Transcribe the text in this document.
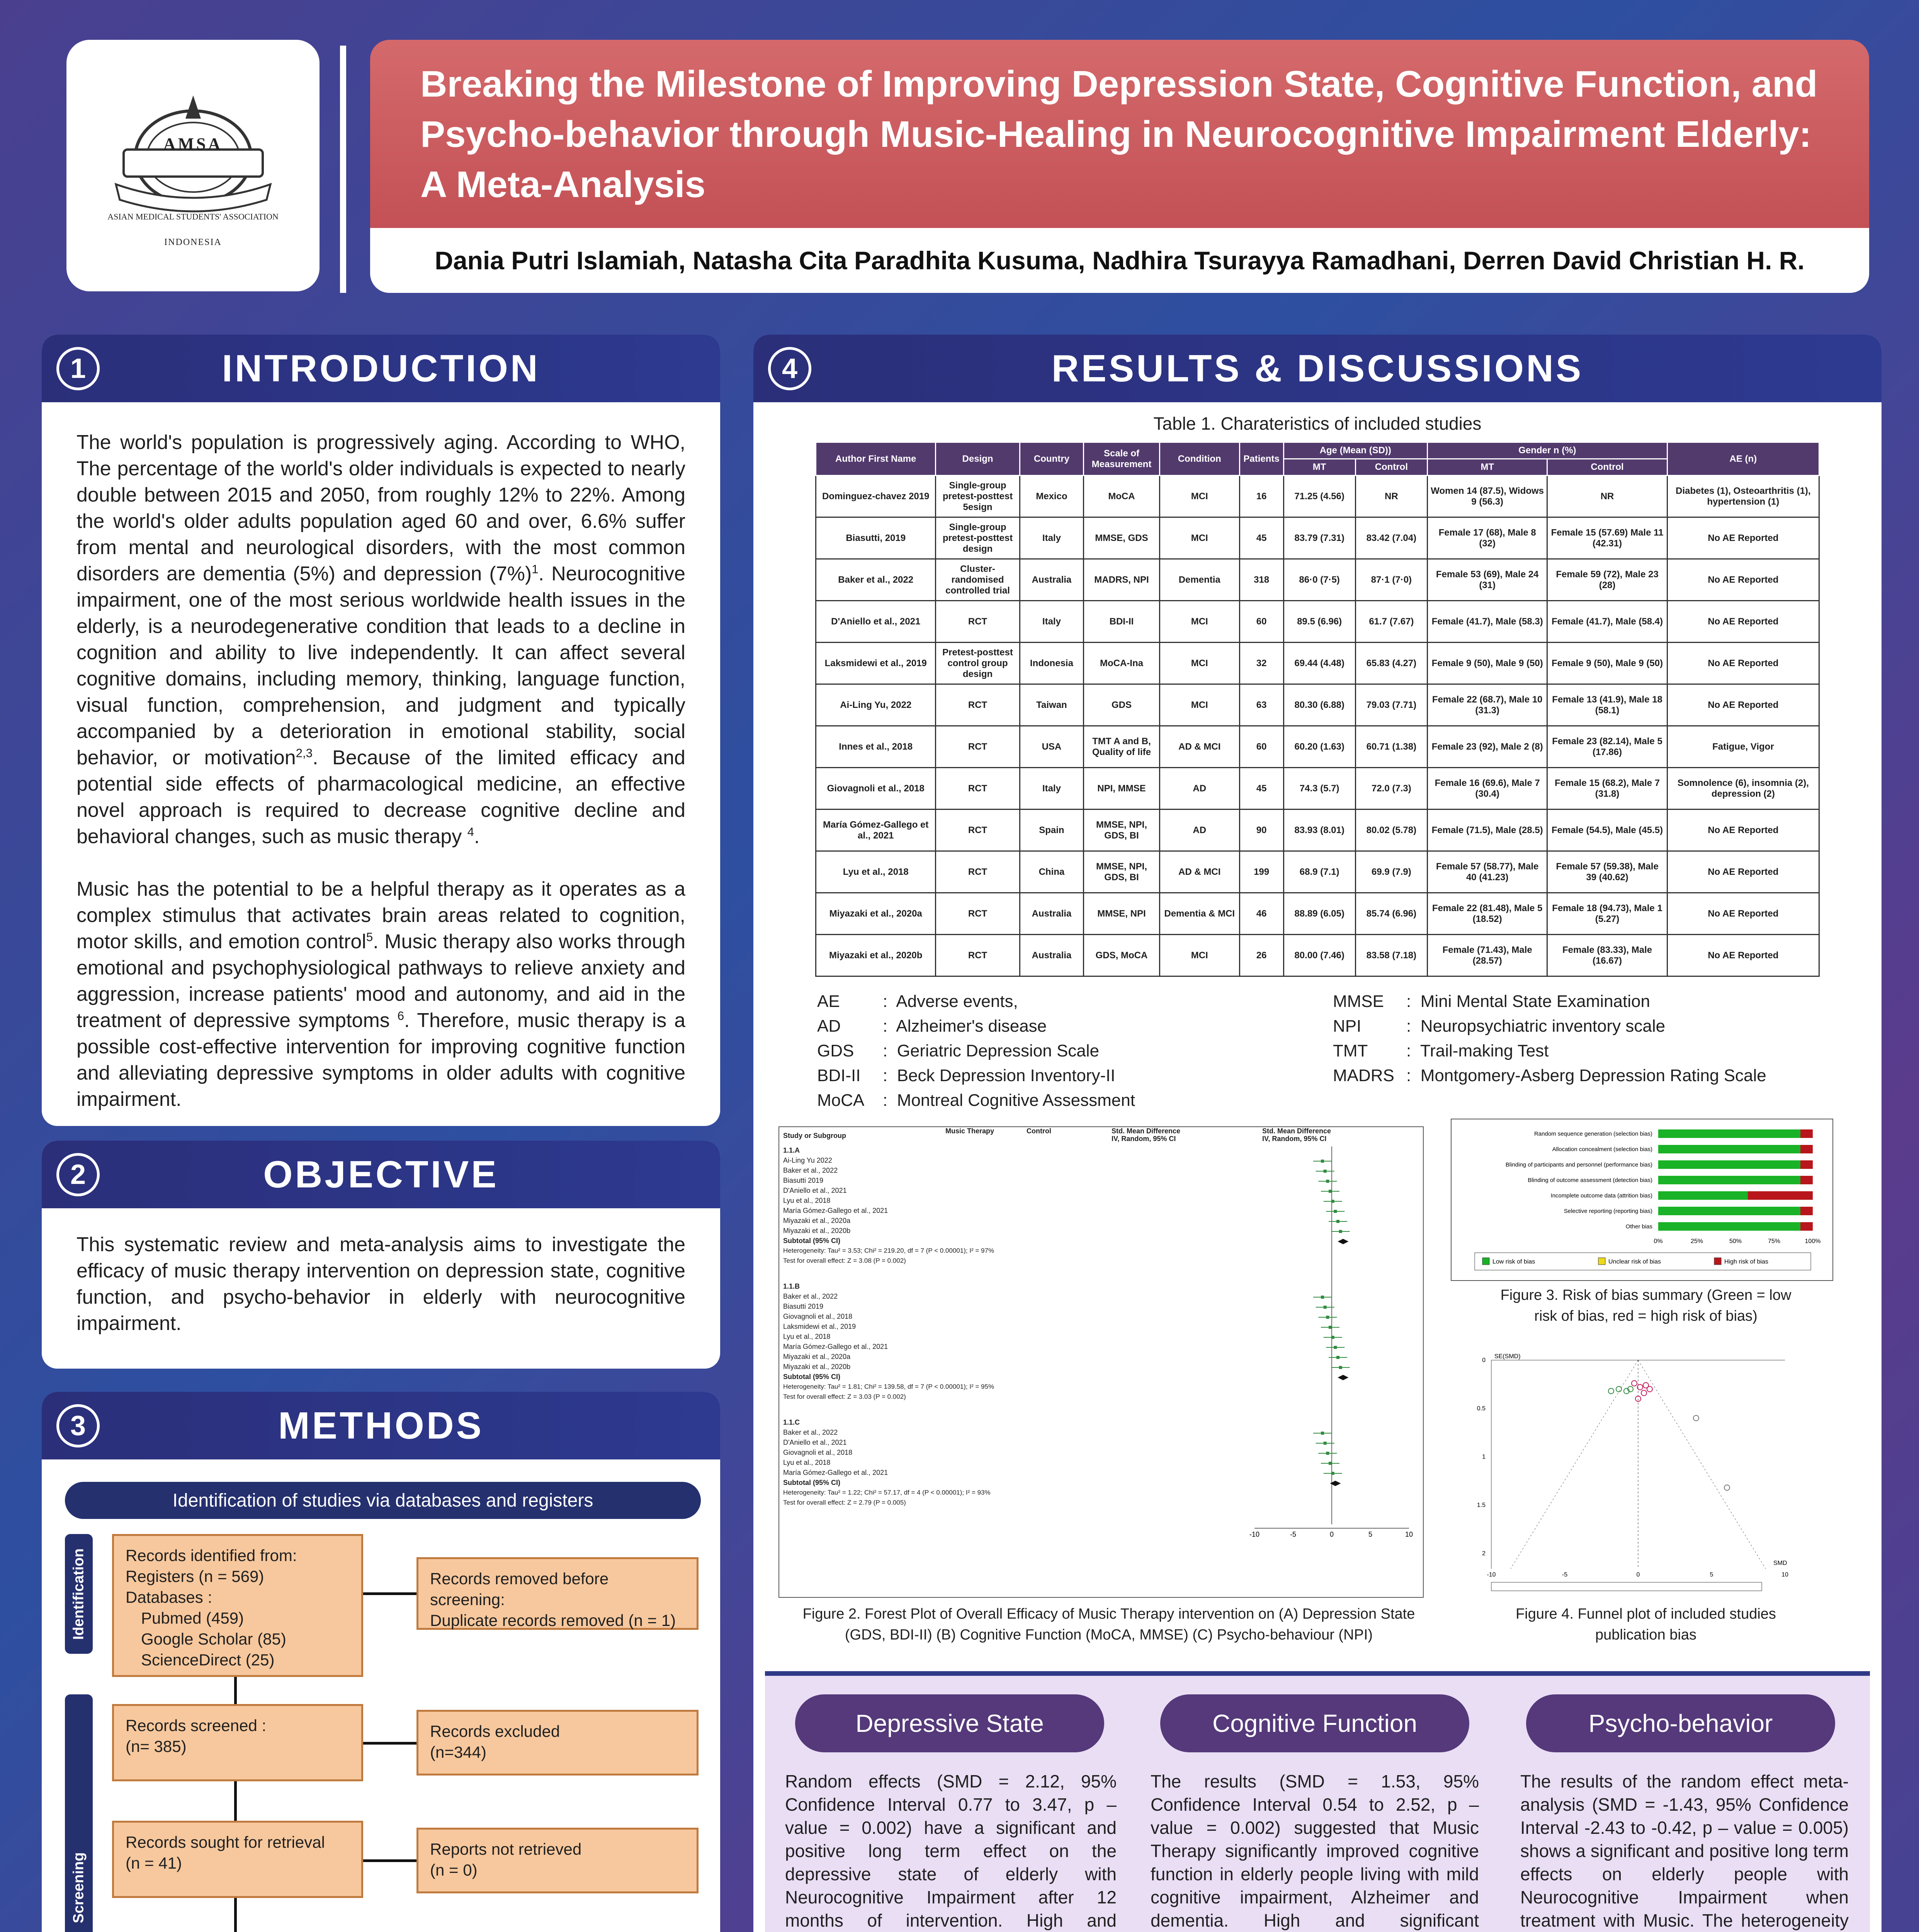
AMSA
ASIAN MEDICAL STUDENTS' ASSOCIATION
INDONESIA
Breaking the Milestone of Improving Depression State, Cognitive Function, and Psycho-behavior through Music-Healing in Neurocognitive Impairment Elderly: A Meta-Analysis
Dania Putri Islamiah, Natasha Cita Paradhita Kusuma, Nadhira Tsurayya Ramadhani, Derren David Christian H. R.
1	INTRODUCTION

The world's population is progressively aging. According to WHO, The percentage of the world's older individuals is expected to nearly double between 2015 and 2050, from roughly 12% to 22%. Among the world's older adults population aged 60 and over, 6.6% suffer from mental and neurological disorders, with the most common disorders are dementia (5%) and depression $(7\%)^1$. Neurocognitive impairment, one of the most serious worldwide health issues in the elderly, is a neurodegenerative condition that leads to a decline in cognition and ability to live independently. It can affect several cognitive domains, including memory, thinking, language function, visual function, comprehension, and judgment and typically accompanied by a deterioration in emotional stability, social behavior, or motivation$^{2,3}$. Because of the limited efficacy and potential side effects of pharmacological medicine, an effective novel approach is required to decrease cognitive decline and behavioral changes, such as music therapy $^4$.

Music has the potential to be a helpful therapy as it operates as a complex stimulus that activates brain areas related to cognition, motor skills, and emotion control$^5$. Music therapy also works through emotional and psychophysiological pathways to relieve anxiety and aggression, increase patients' mood and autonomy, and aid in the treatment of depressive symptoms $^6$. Therefore, music therapy is a possible cost-effective intervention for improving cognitive function and alleviating depressive symptoms in older adults with cognitive impairment.

2	OBJECTIVE
This systematic review and meta-analysis aims to investigate the efficacy of music therapy intervention on depression state, cognitive function, and psycho-behavior in elderly with neurocognitive impairment.
3	METHODS
Identification of studies via databases and registers
Identification
Screening
Records identified from:
Registers (n = 569)
Databases :
Pubmed (459)
Google Scholar (85)
ScienceDirect (25)
Records removed before screening:
Duplicate records removed (n = 1)
Records screened :
(n= 385)
Records excluded
(n=344)
Records sought for retrieval
(n = 41)
Reports not retrieved
(n = 0)
4	RESULTS & DISCUSSIONS
Table 1. Charateristics of included studies
Author First Name	Design	Country	Scale of Measurement	Condition	Patients	Age (Mean (SD))		Gender n (%)		AE (n)
						MT	Control	MT	Control	
Dominguez-chavez 2019	Single-group pretest-posttest 5esign	Mexico	MoCA	MCI	16	71.25 (4.56)	NR	Women 14 (87.5), Widows 9 (56.3)	NR	Diabetes (1), Osteoarthritis (1), hypertension (1)
Biasutti, 2019	Single-group pretest-posttest design	Italy	MMSE, GDS	MCI	45	83.79 (7.31)	83.42 (7.04)	Female 17 (68), Male 8 (32)	Female 15 (57.69) Male 11 (42.31)	No AE Reported
Baker et al., 2022	Cluster-randomised controlled trial	Australia	MADRS, NPI	Dementia	318	86·0 (7·5)	87·1 (7·0)	Female 53 (69), Male 24 (31)	Female 59 (72), Male 23 (28)	No AE Reported
D'Aniello et al., 2021	RCT	Italy	BDI-II	MCI	60	89.5 (6.96)	61.7 (7.67)	Female (41.7), Male (58.3)	Female (41.7), Male (58.4)	No AE Reported
Laksmidewi et al., 2019	Pretest-posttest control group design	Indonesia	MoCA-Ina	MCI	32	69.44 (4.48)	65.83 (4.27)	Female 9 (50), Male 9 (50)	Female 9 (50), Male 9 (50)	No AE Reported
Ai-Ling Yu, 2022	RCT	Taiwan	GDS	MCI	63	80.30 (6.88)	79.03 (7.71)	Female 22 (68.7), Male 10 (31.3)	Female 13 (41.9), Male 18 (58.1)	No AE Reported
Innes et al., 2018	RCT	USA	TMT A and B, Quality of life	AD & MCI	60	60.20 (1.63)	60.71 (1.38)	Female 23 (92), Male 2 (8)	Female 23 (82.14), Male 5 (17.86)	Fatigue, Vigor
Giovagnoli et al., 2018	RCT	Italy	NPI, MMSE	AD	45	74.3 (5.7)	72.0 (7.3)	Female 16 (69.6), Male 7 (30.4)	Female 15 (68.2), Male 7 (31.8)	Somnolence (6), insomnia (2), depression (2)
María Gómez-Gallego et al., 2021	RCT	Spain	MMSE, NPI, GDS, BI	AD	90	83.93 (8.01)	80.02 (5.78)	Female (71.5), Male (28.5)	Female (54.5), Male (45.5)	No AE Reported
Lyu et al., 2018	RCT	China	MMSE, NPI, GDS, BI	AD & MCI	199	68.9 (7.1)	69.9 (7.9)	Female 57 (58.77), Male 40 (41.23)	Female 57 (59.38), Male 39 (40.62)	No AE Reported
Miyazaki et al., 2020a	RCT	Australia	MMSE, NPI	Dementia & MCI	46	88.89 (6.05)	85.74 (6.96)	Female 22 (81.48), Male 5 (18.52)	Female 18 (94.73), Male 1 (5.27)	No AE Reported
Miyazaki et al., 2020b	RCT	Australia	GDS, MoCA	MCI	26	80.00 (7.46)	83.58 (7.18)	Female (71.43), Male (28.57)	Female (83.33), Male (16.67)	No AE Reported
AE	:  Adverse events,
AD :  Alzheimer's disease
GDS :  Geriatric Depression Scale
BDI-II :  Beck Depression Inventory-II
MoCA :  Montreal Cognitive Assessment
MMSE :  Mini Mental State Examination
NPI	:  Neuropsychiatric inventory scale
TMT :  Trail-making Test
MADRS :  Montgomery-Asberg Depression Rating Scale
Study or Subgroup
Music Therapy	Control	Std. Mean Difference
IV, Random, 95% CI
Std. Mean Difference
IV, Random, 95% CI
1.1.A
Ai-Ling Yu 2022
Baker et al., 2022
Biasutti 2019
D'Aniello et al., 2021
Lyu et al., 2018
María Gómez-Gallego et al., 2021
Miyazaki et al., 2020a
Miyazaki et al., 2020b
Subtotal (95% CI)
Heterogeneity: Tau² = 3.53; Chi² = 219.20, df = 7 (P < 0.00001); I² = 97%
Test for overall effect: Z = 3.08 (P = 0.002)
1.1.B
Baker et al., 2022
Biasutti 2019
Giovagnoli et al., 2018
Laksmidewi et al., 2019
Lyu et al., 2018
María Gómez-Gallego et al., 2021
Miyazaki et al., 2020a
Miyazaki et al., 2020b
Subtotal (95% CI)
Heterogeneity: Tau² = 1.81; Chi² = 139.58, df = 7 (P < 0.00001); I² = 95%
Test for overall effect: Z = 3.03 (P = 0.002)
1.1.C
Baker et al., 2022
D'Aniello et al., 2021
Giovagnoli et al., 2018
Lyu et al., 2018
María Gómez-Gallego et al., 2021
Subtotal (95% CI)
Heterogeneity: Tau² = 1.22; Chi² = 57.17, df = 4 (P < 0.00001); I² = 93%
Test for overall effect: Z = 2.79 (P = 0.005)
-10	-5	0	5	10
Figure 2. Forest Plot of Overall Efficacy of Music Therapy intervention on (A) Depression State (GDS, BDI-II) (B) Cognitive Function (MoCA, MMSE) (C) Psycho-behaviour (NPI)
Random sequence generation (selection bias)
Allocation concealment (selection bias)
Blinding of participants and personnel (performance bias)
Blinding of outcome assessment (detection bias)
Incomplete outcome data (attrition bias)
Selective reporting (reporting bias)
Other bias
0%	25%	50%	75%	100%
Low risk of bias	Unclear risk of bias	High risk of bias
Figure 3. Risk of bias summary (Green = low risk of bias, red = high risk of bias)
SE(SMD)
SMD
0
0.5
1
1.5
2
-10	-5	0	5	10
Figure 4. Funnel plot of included studies publication bias
Depressive State	Cognitive Function	Psycho-behavior
Random effects (SMD = 2.12, 95% Confidence Interval 0.77 to 3.47, p – value = 0.002) have a significant and positive long term effect on the depressive state of elderly with Neurocognitive Impairment after 12 months of intervention. High and
The results (SMD = 1.53, 95% Confidence Interval 0.54 to 2.52, p – value = 0.002) suggested that Music Therapy significantly improved cognitive function in elderly people living with mild cognitive impairment, Alzheimer and dementia. High and significant
The results of the random effect meta-analysis (SMD = -1.43, 95% Confidence Interval -2.43 to -0.42, p – value = 0.005) shows a significant and positive long term effects on elderly people with Neurocognitive Impairment when treatment with Music. The heterogeneity
